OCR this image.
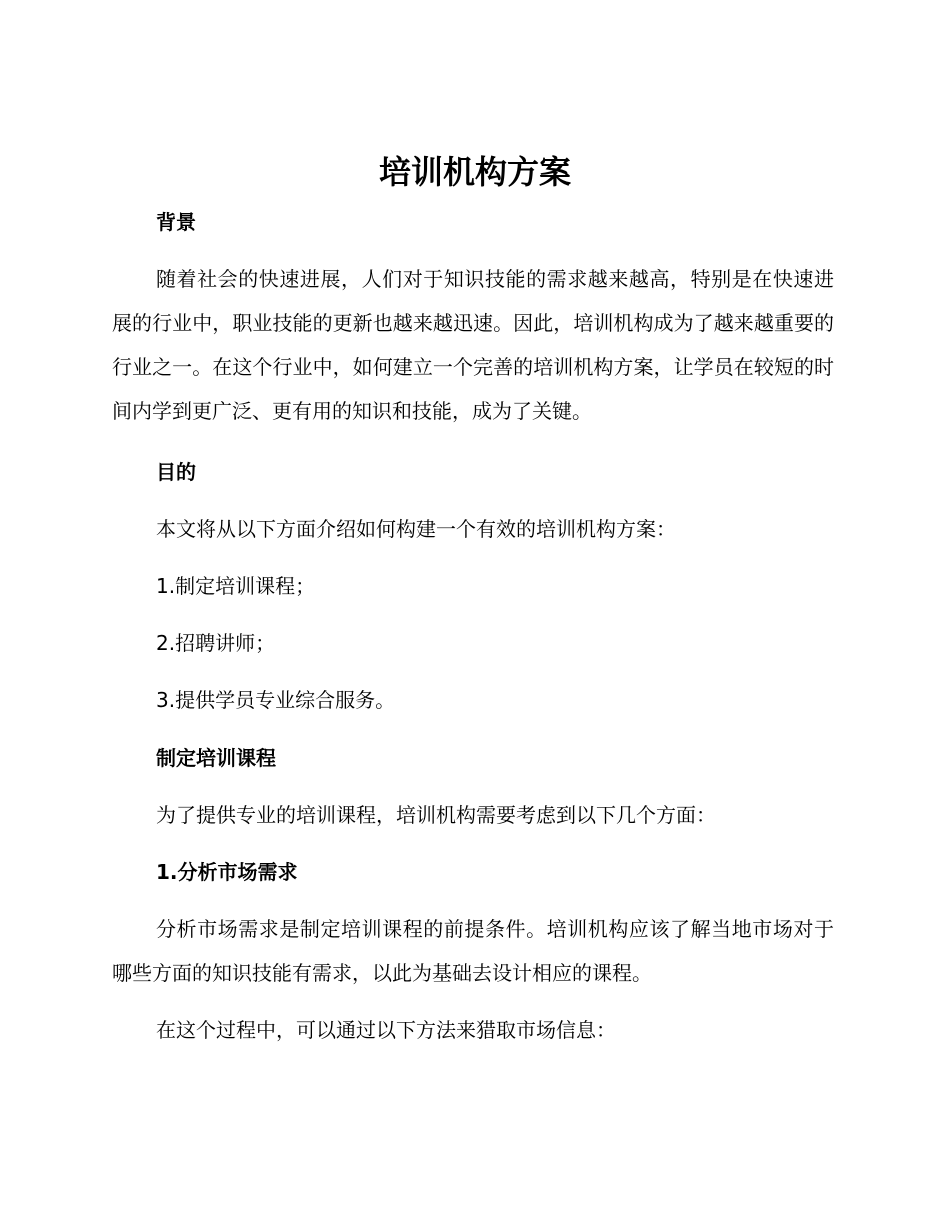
培训机构方案

背景

随着社会的快速进展，人们对于知识技能的需求越来越高，特别是在快速进展的行业中，职业技能的更新也越来越迅速。因此，培训机构成为了越来越重要的行业之一。在这个行业中，如何建立一个完善的培训机构方案，让学员在较短的时间内学到更广泛、更有用的知识和技能，成为了关键。

目的

本文将从以下方面介绍如何构建一个有效的培训机构方案：

1.制定培训课程；

2.招聘讲师；

3.提供学员专业综合服务。

制定培训课程

为了提供专业的培训课程，培训机构需要考虑到以下几个方面：

1.分析市场需求

分析市场需求是制定培训课程的前提条件。培训机构应该了解当地市场对于哪些方面的知识技能有需求，以此为基础去设计相应的课程。

在这个过程中，可以通过以下方法来猎取市场信息：
